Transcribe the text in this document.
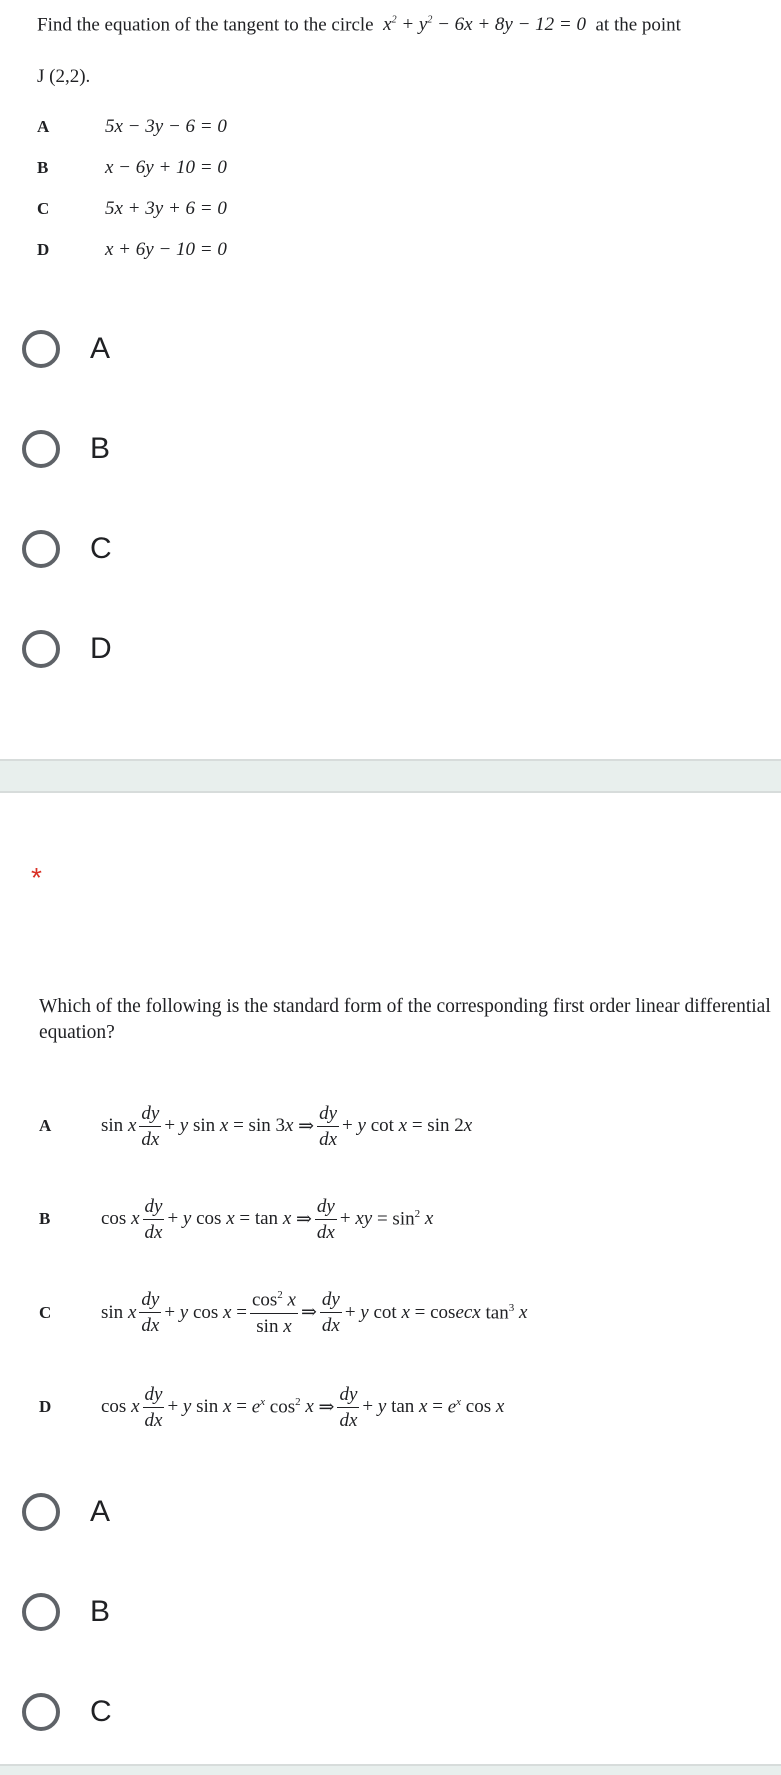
Find the equation of the tangent to the circle  $x^2 + y^2 - 6x + 8y - 12 = 0$  at the point
J (2,2).
A	5x − 3y − 6 = 0
B	x − 6y + 10 = 0
C	5x + 3y + 6 = 0
D	x + 6y − 10 = 0
A
B
C
D
*
Which of the following is the standard form of the corresponding first order linear differential equation?
A	sin x $\frac{dy}{dx} + y$ sin x = sin 3 x ⇒ $\frac{dy}{dx} + y$ cot x = sin 2 x
B	cos x $\frac{dy}{dx} + y$ cos x = tan x ⇒ $\frac{dy}{dx}$ + xy = $\sin^2 x$
C	sin x $\frac{dy}{dx} + y$ $\cos x = \frac{\cos^2 x}{\text{sin x}}$ ⇒ $\frac{dy}{dx} + y$ cot x = cos ecx $\tan^3 x$
D	cos x $\frac{dy}{dx} + y$ $\sin x = e^x$ $\cos^2 x$ ⇒ $\frac{dy}{dx} + y$ $\tan x = e^x$ cos x
A
B
C
